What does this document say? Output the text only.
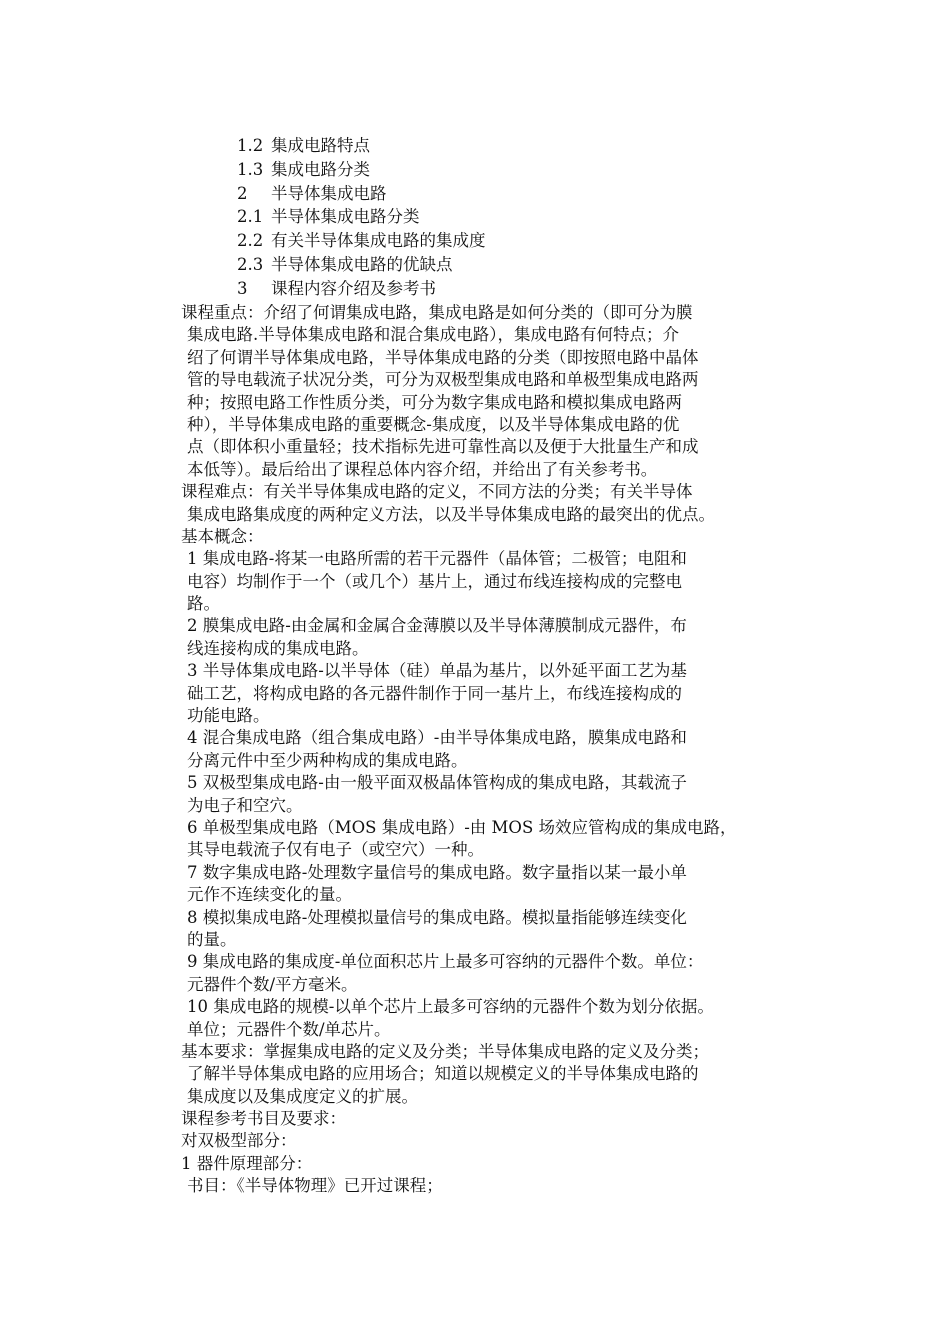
1.2 集成电路特点
1.3 集成电路分类
2 半导体集成电路
2.1 半导体集成电路分类
2.2 有关半导体集成电路的集成度
2.3 半导体集成电路的优缺点
3 课程内容介绍及参考书
课程重点：介绍了何谓集成电路，集成电路是如何分类的（即可分为膜
集成电路.半导体集成电路和混合集成电路），集成电路有何特点；介
绍了何谓半导体集成电路，半导体集成电路的分类（即按照电路中晶体
管的导电载流子状况分类，可分为双极型集成电路和单极型集成电路两
种；按照电路工作性质分类，可分为数字集成电路和模拟集成电路两
种），半导体集成电路的重要概念-集成度，以及半导体集成电路的优
点（即体积小重量轻；技术指标先进可靠性高以及便于大批量生产和成
本低等）。最后给出了课程总体内容介绍，并给出了有关参考书。
课程难点：有关半导体集成电路的定义，不同方法的分类；有关半导体
集成电路集成度的两种定义方法，以及半导体集成电路的最突出的优点。
基本概念：
1 集成电路-将某一电路所需的若干元器件（晶体管；二极管；电阻和
电容）均制作于一个（或几个）基片上，通过布线连接构成的完整电
路。
2 膜集成电路-由金属和金属合金薄膜以及半导体薄膜制成元器件，布
线连接构成的集成电路。
3 半导体集成电路-以半导体（硅）单晶为基片，以外延平面工艺为基
础工艺，将构成电路的各元器件制作于同一基片上，布线连接构成的
功能电路。
4 混合集成电路（组合集成电路）-由半导体集成电路，膜集成电路和
分离元件中至少两种构成的集成电路。
5 双极型集成电路-由一般平面双极晶体管构成的集成电路，其载流子
为电子和空穴。
6 单极型集成电路（MOS 集成电路）-由 MOS 场效应管构成的集成电路，
其导电载流子仅有电子（或空穴）一种。
7 数字集成电路-处理数字量信号的集成电路。数字量指以某一最小单
元作不连续变化的量。
8 模拟集成电路-处理模拟量信号的集成电路。模拟量指能够连续变化
的量。
9 集成电路的集成度-单位面积芯片上最多可容纳的元器件个数。单位：
元器件个数/平方毫米。
10 集成电路的规模-以单个芯片上最多可容纳的元器件个数为划分依据。
单位；元器件个数/单芯片。
基本要求：掌握集成电路的定义及分类；半导体集成电路的定义及分类；
了解半导体集成电路的应用场合；知道以规模定义的半导体集成电路的
集成度以及集成度定义的扩展。
课程参考书目及要求：
对双极型部分：
1 器件原理部分：
书目：《半导体物理》已开过课程；
